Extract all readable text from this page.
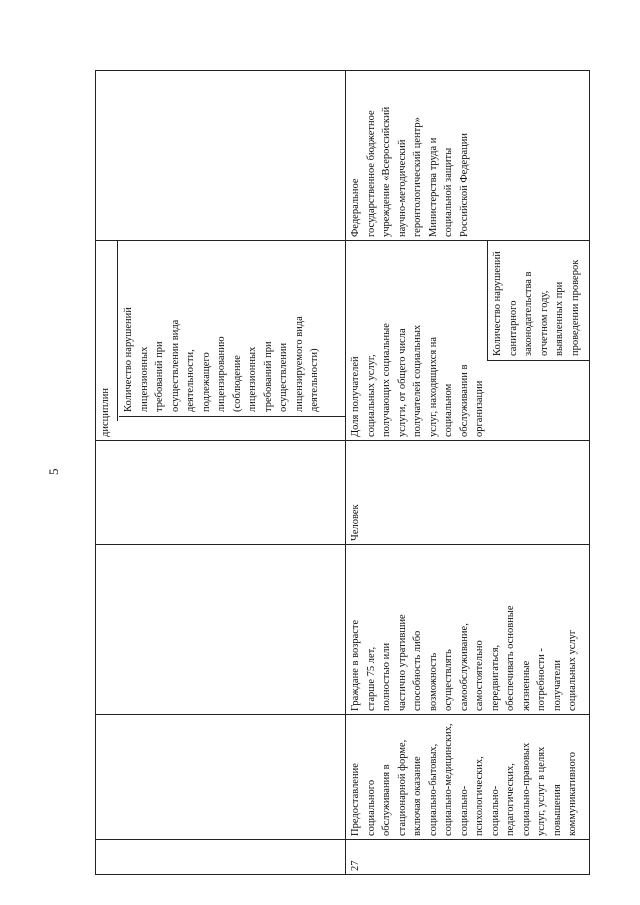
5
дисциплин
Количество нарушений лицензионных требований при осуществлении вида деятельности, подлежащего лицензированию (соблюдение лицензионных требований при осуществлении лицензируемого вида деятельности)
27
Предоставление социального обслуживания в стационарной форме, включая оказание социально-бытовых, социально-медицинских, социально- психологических, социально- педагогических, социально-правовых услуг, услуг в целях повышения коммуникативного
Граждане в возрасте старше 75 лет, полностью или частично утратившие способность либо возможность осуществлять самообслуживание, самостоятельно передвигаться, обеспечивать основные жизненные потребности - получатели социальных услуг
Человек
Доля получателей социальных услуг, получающих социальные услуги, от общего числа получателей социальных услуг, находящихся на социальном обслуживании в организации
Количество нарушений санитарного законодательства в отчетном году, выявленных при проведении проверок
Федеральное государственное бюджетное учреждение «Всероссийский научно-методический геронтологический центр» Министерства труда и социальной защиты Российской Федерации
